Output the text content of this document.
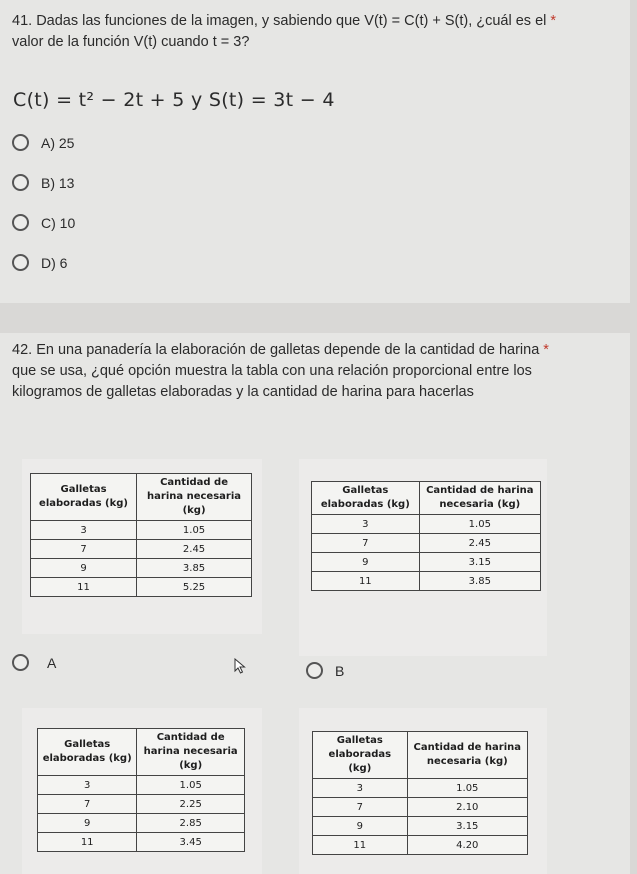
41. Dadas las funciones de la imagen, y sabiendo que V(t) = C(t) + S(t), ¿cuál es el *
valor de la función V(t) cuando t = 3?
C(t) = t² − 2t + 5 y S(t) = 3t − 4
A) 25
B) 13
C) 10
D) 6
42. En una panadería la elaboración de galletas depende de la cantidad de harina *
que se usa, ¿qué opción muestra la tabla con una relación proporcional entre los
kilogramos de galletas elaboradas y la cantidad de harina para hacerlas
Galletas elaboradas (kg)	Cantidad de harina necesaria (kg)
3	1.05
7	2.45
9	3.85
11	5.25
Galletas elaboradas (kg)	Cantidad de harina necesaria (kg)
3	1.05
7	2.45
9	3.15
11	3.85
A	B
Galletas elaboradas (kg)	Cantidad de harina necesaria (kg)
3	1.05
7	2.25
9	2.85
11	3.45
Galletas elaboradas (kg)	Cantidad de harina necesaria (kg)
3	1.05
7	2.10
9	3.15
11	4.20
